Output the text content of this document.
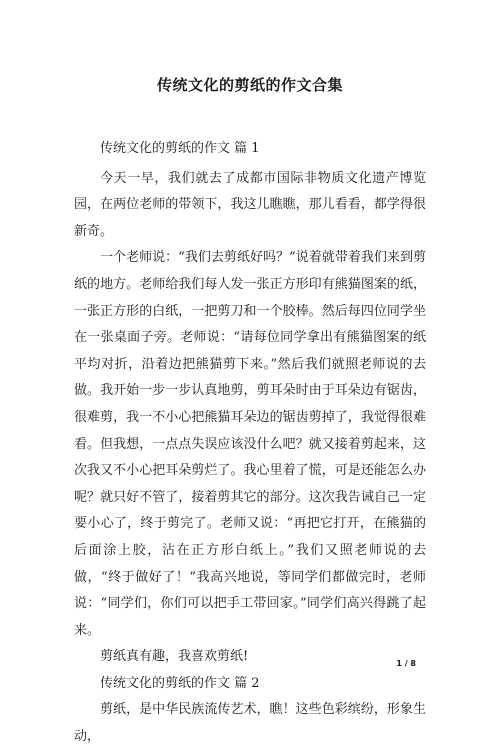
传统文化的剪纸的作文合集
传统文化的剪纸的作文 篇 1

今天一早，我们就去了成都市国际非物质文化遗产博览园，在两位老师的带领下，我这儿瞧瞧，那儿看看，都学得很新奇。

一个老师说：“我们去剪纸好吗？”说着就带着我们来到剪纸的地方。老师给我们每人发一张正方形印有熊猫图案的纸，一张正方形的白纸，一把剪刀和一个胶棒。然后每四位同学坐在一张桌面子旁。老师说：“请每位同学拿出有熊猫图案的纸平均对折，沿着边把熊猫剪下来。”然后我们就照老师说的去做。我开始一步一步认真地剪，剪耳朵时由于耳朵边有锯齿，很难剪，我一不小心把熊猫耳朵边的锯齿剪掉了，我觉得很难看。但我想，一点点失误应该没什么吧？就又接着剪起来，这次我又不小心把耳朵剪烂了。我心里着了慌，可是还能怎么办呢？就只好不管了，接着剪其它的部分。这次我告诫自己一定要小心了，终于剪完了。老师又说：“再把它打开，在熊猫的后面涂上胶，沾在正方形白纸上。”我们又照老师说的去做，“终于做好了！”我高兴地说，等同学们都做完时，老师说：“同学们，你们可以把手工带回家。”同学们高兴得跳了起来。

剪纸真有趣，我喜欢剪纸!

传统文化的剪纸的作文 篇 2

剪纸，是中华民族流传艺术，瞧！这些色彩缤纷，形象生动，

1 / 8
